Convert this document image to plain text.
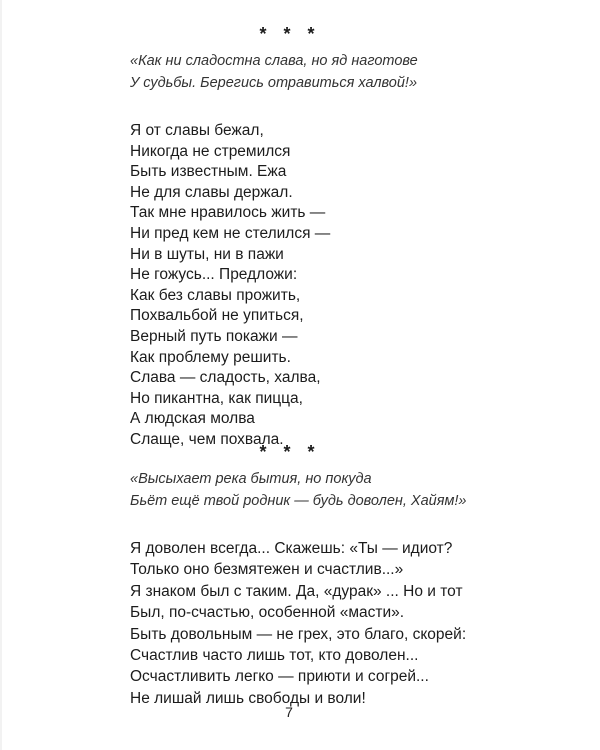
* * *
«Как ни сладостна слава, но яд наготове
У судьбы. Берегись отравиться халвой!»
Я от славы бежал,
Никогда не стремился
Быть известным. Ежа
Не для славы держал.
Так мне нравилось жить —
Ни пред кем не стелился —
Ни в шуты, ни в пажи
Не гожусь... Предложи:
Как без славы прожить,
Похвальбой не упиться,
Верный путь покажи —
Как проблему решить.
Слава — сладость, халва,
Но пикантна, как пицца,
А людская молва
Слаще, чем похвала.
* * *
«Высыхает река бытия, но покуда
Бьёт ещё твой родник — будь доволен, Хайям!»
Я доволен всегда... Скажешь: «Ты — идиот?
Только оно безмятежен и счастлив...»
Я знаком был с таким. Да, «дурак» ... Но и тот
Был, по-счастью, особенной «масти».
Быть довольным — не грех, это благо, скорей:
Счастлив часто лишь тот, кто доволен...
Осчастливить легко — приюти и согрей...
Не лишай лишь свободы и воли!
7
